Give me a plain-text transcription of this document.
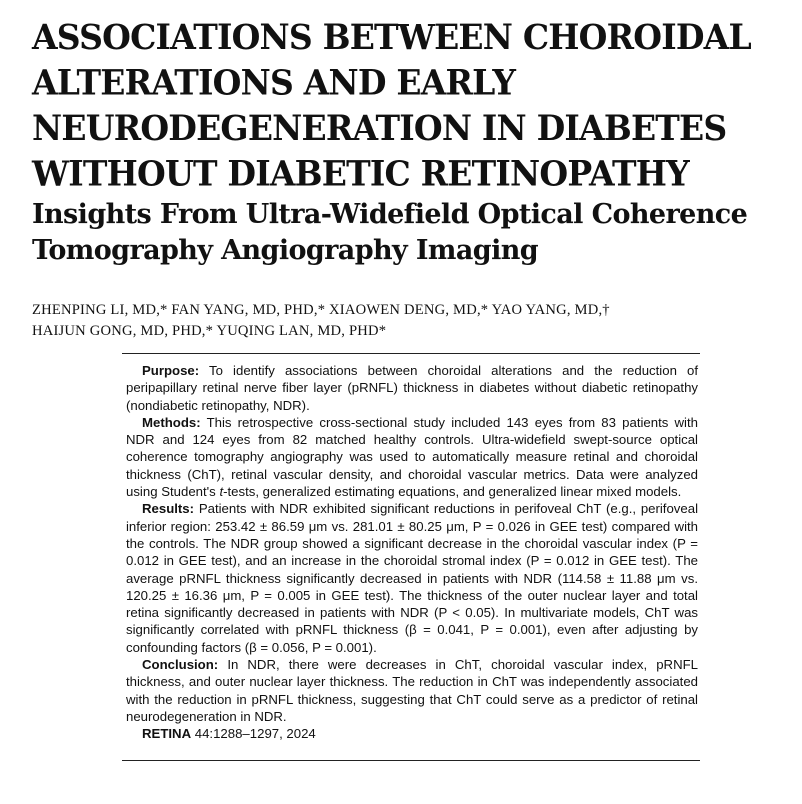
ASSOCIATIONS BETWEEN CHOROIDAL ALTERATIONS AND EARLY NEURODEGENERATION IN DIABETES WITHOUT DIABETIC RETINOPATHY
Insights From Ultra-Widefield Optical Coherence Tomography Angiography Imaging
ZHENPING LI, MD,* FAN YANG, MD, PHD,* XIAOWEN DENG, MD,* YAO YANG, MD,†
HAIJUN GONG, MD, PHD,* YUQING LAN, MD, PHD*

Purpose: To identify associations between choroidal alterations and the reduction of peripapillary retinal nerve fiber layer (pRNFL) thickness in diabetes without diabetic retinopathy (nondiabetic retinopathy, NDR).

Methods: This retrospective cross-sectional study included 143 eyes from 83 patients with NDR and 124 eyes from 82 matched healthy controls. Ultra-widefield swept-source optical coherence tomography angiography was used to automatically measure retinal and choroidal thickness (ChT), retinal vascular density, and choroidal vascular metrics. Data were analyzed using Student's t-tests, generalized estimating equations, and generalized linear mixed models.

Results: Patients with NDR exhibited significant reductions in perifoveal ChT (e.g., perifoveal inferior region: 253.42 ± 86.59 μm vs. 281.01 ± 80.25 μm, P = 0.026 in GEE test) compared with the controls. The NDR group showed a significant decrease in the choroidal vascular index (P = 0.012 in GEE test), and an increase in the choroidal stromal index (P = 0.012 in GEE test). The average pRNFL thickness significantly decreased in patients with NDR (114.58 ± 11.88 μm vs. 120.25 ± 16.36 μm, P = 0.005 in GEE test). The thickness of the outer nuclear layer and total retina significantly decreased in patients with NDR (P < 0.05). In multivariate models, ChT was significantly correlated with pRNFL thickness (β = 0.041, P = 0.001), even after adjusting by confounding factors (β = 0.056, P = 0.001).

Conclusion: In NDR, there were decreases in ChT, choroidal vascular index, pRNFL thickness, and outer nuclear layer thickness. The reduction in ChT was independently associated with the reduction in pRNFL thickness, suggesting that ChT could serve as a predictor of retinal neurodegeneration in NDR.

RETINA 44:1288–1297, 2024
